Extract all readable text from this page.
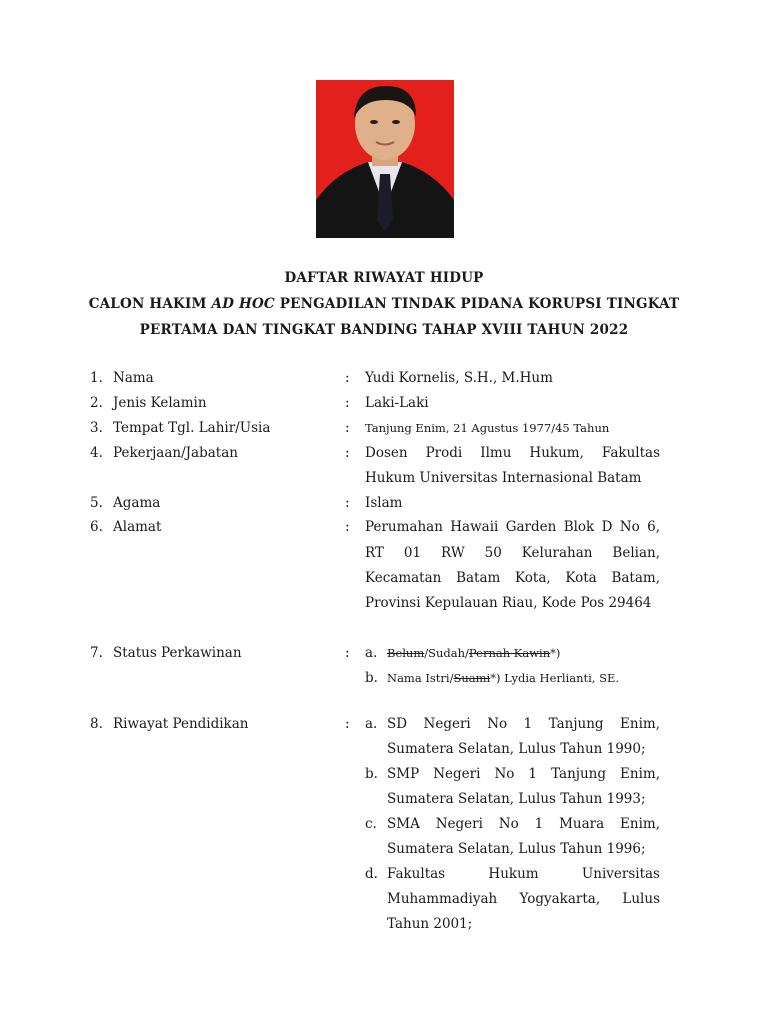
DAFTAR RIWAYAT HIDUP
CALON HAKIM AD HOC PENGADILAN TINDAK PIDANA KORUPSI TINGKAT
PERTAMA DAN TINGKAT BANDING TAHAP XVIII TAHUN 2022
1. Nama	: Yudi Kornelis, S.H., M.Hum
2. Jenis Kelamin	: Laki-Laki
3. Tempat Tgl. Lahir/Usia	: Tanjung Enim, 21 Agustus 1977/45 Tahun
4. Pekerjaan/Jabatan	: Dosen Prodi Ilmu Hukum, Fakultas
Hukum Universitas Internasional Batam
5. Agama	: Islam
6. Alamat	: Perumahan Hawaii Garden Blok D No 6,
RT 01 RW 50 Kelurahan Belian,
Kecamatan Batam Kota, Kota Batam,
Provinsi Kepulauan Riau, Kode Pos 29464
7. Status Perkawinan	: a. Belum/Sudah/Pernah Kawin*)
b. Nama Istri/Suami*) Lydia Herlianti, SE.
8. Riwayat Pendidikan	: a. SD Negeri No 1 Tanjung Enim,
Sumatera Selatan, Lulus Tahun 1990;
b. SMP Negeri No 1 Tanjung Enim,
Sumatera Selatan, Lulus Tahun 1993;
c. SMA Negeri No 1 Muara Enim,
Sumatera Selatan, Lulus Tahun 1996;
d. Fakultas Hukum Universitas
Muhammadiyah Yogyakarta, Lulus
Tahun 2001;
